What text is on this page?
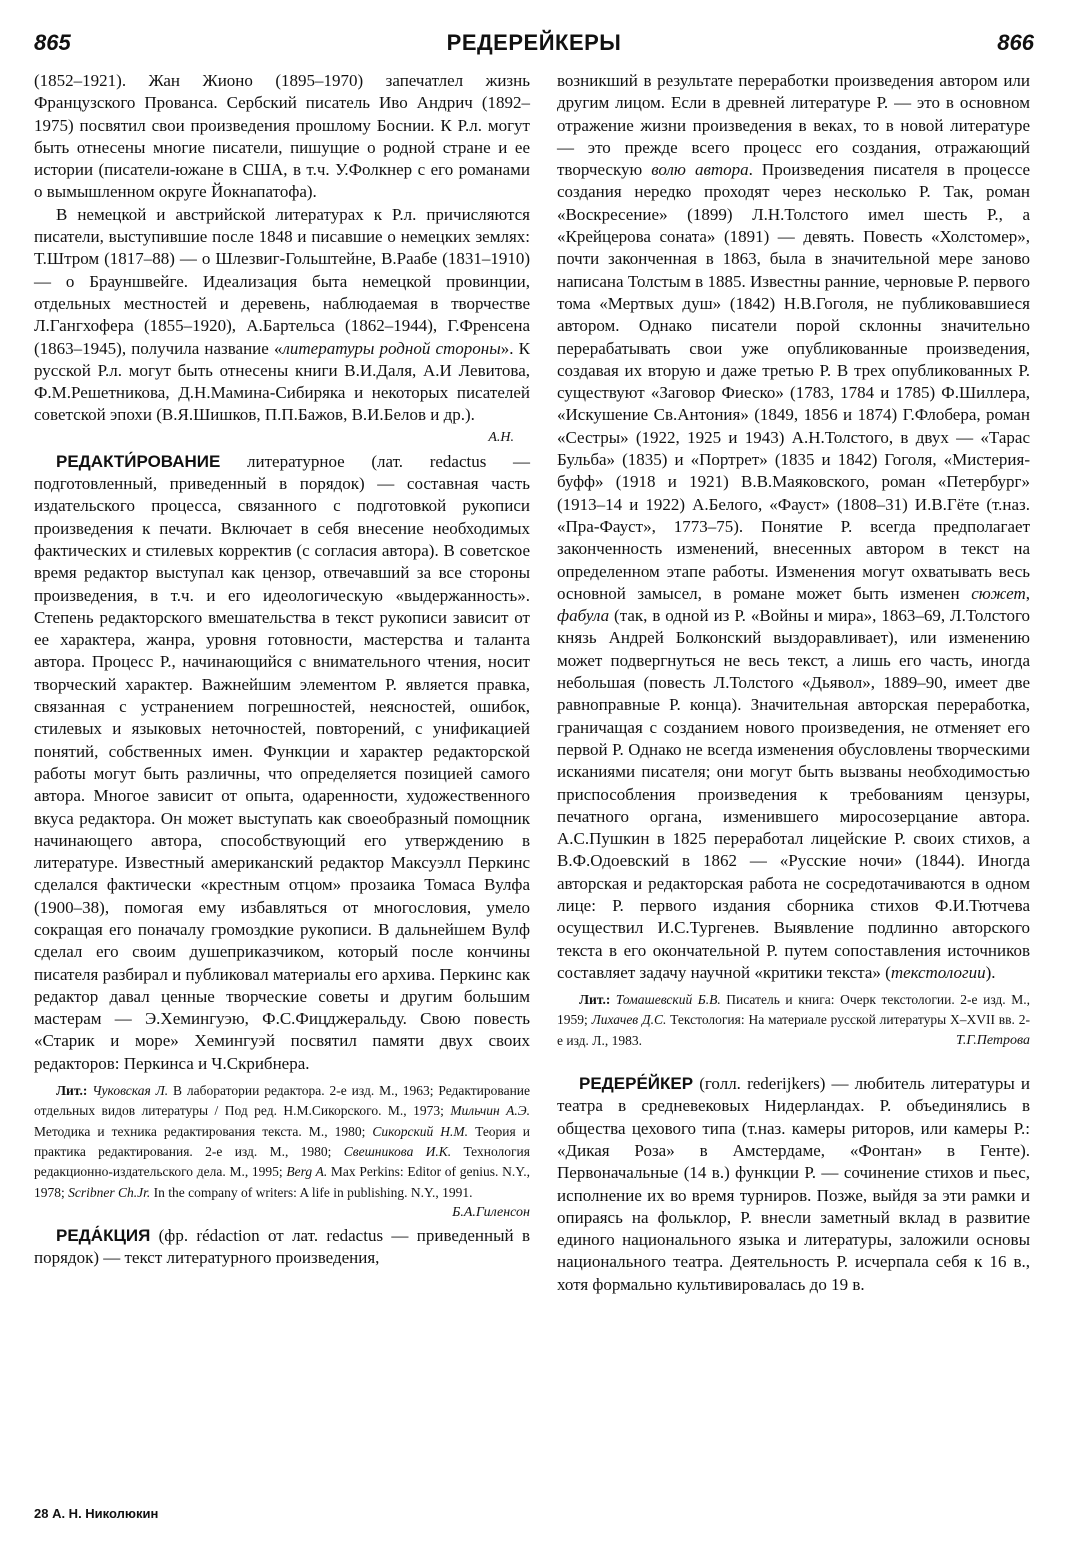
865	РЕДЕРЕЙКЕРЫ	866

(1852–1921). Жан Жионо (1895–1970) запечатлел жизнь Французского Прованса. Сербский писатель Иво Андрич (1892–1975) посвятил свои произведения прошлому Боснии. К Р.л. могут быть отнесены многие писатели, пишущие о родной стране и ее истории (писатели-южане в США, в т.ч. У.Фолкнер с его романами о вымышленном округе Йокнапатофа).

В немецкой и австрийской литературах к Р.л. причисляются писатели, выступившие после 1848 и писавшие о немецких землях: Т.Штром (1817–88) — о Шлезвиг-Гольштейне, В.Раабе (1831–1910) — о Брауншвейге. Идеализация быта немецкой провинции, отдельных местностей и деревень, наблюдаемая в творчестве Л.Гангхофера (1855–1920), А.Бартельса (1862–1944), Г.Френсена (1863–1945), получила название «литературы родной стороны». К русской Р.л. могут быть отнесены книги В.И.Даля, А.И Левитова, Ф.М.Решетникова, Д.Н.Мамина-Сибиряка и некоторых писателей советской эпохи (В.Я.Шишков, П.П.Бажов, В.И.Белов и др.).
А.Н.

РЕДАКТИ́РОВАНИЕ литературное (лат. redactus — подготовленный, приведенный в порядок) — составная часть издательского процесса, связанного с подготовкой рукописи произведения к печати. Включает в себя внесение необходимых фактических и стилевых корректив (с согласия автора). В советское время редактор выступал как цензор, отвечавший за все стороны произведения, в т.ч. и его идеологическую «выдержанность». Степень редакторского вмешательства в текст рукописи зависит от ее характера, жанра, уровня готовности, мастерства и таланта автора. Процесс Р., начинающийся с внимательного чтения, носит творческий характер. Важнейшим элементом Р. является правка, связанная с устранением погрешностей, неясностей, ошибок, стилевых и языковых неточностей, повторений, с унификацией понятий, собственных имен. Функции и характер редакторской работы могут быть различны, что определяется позицией самого автора. Многое зависит от опыта, одаренности, художественного вкуса редактора. Он может выступать как своеобразный помощник начинающего автора, способствующий его утверждению в литературе. Известный американский редактор Максуэлл Перкинс сделался фактически «крестным отцом» прозаика Томаса Вулфа (1900–38), помогая ему избавляться от многословия, умело сокращая его поначалу громоздкие рукописи. В дальнейшем Вулф сделал его своим душеприказчиком, который после кончины писателя разбирал и публиковал материалы его архива. Перкинс как редактор давал ценные творческие советы и другим большим мастерам — Э.Хемингуэю, Ф.С.Фицджеральду. Свою повесть «Старик и море» Хемингуэй посвятил памяти двух своих редакторов: Перкинса и Ч.Скрибнера.

Лит.: Чуковская Л. В лаборатории редактора. 2-е изд. М., 1963; Редактирование отдельных видов литературы / Под ред. Н.М.Сикорского. М., 1973; Мильчин А.Э. Методика и техника редактирования текста. М., 1980; Сикорский Н.М. Теория и практика редактирования. 2-е изд. М., 1980; Свешникова И.К. Технология редакционно-издательского дела. М., 1995; Berg A. Max Perkins: Editor of genius. N.Y., 1978; Scribner Ch.Jr. In the company of writers: A life in publishing. N.Y., 1991.
Б.А.Гиленсон

РЕДА́КЦИЯ (фр. rédaction от лат. redactus — приведенный в порядок) — текст литературного произведения,

возникший в результате переработки произведения автором или другим лицом. Если в древней литературе Р. — это в основном отражение жизни произведения в веках, то в новой литературе — это прежде всего процесс его создания, отражающий творческую волю автора. Произведения писателя в процессе создания нередко проходят через несколько Р. Так, роман «Воскресение» (1899) Л.Н.Толстого имел шесть Р., а «Крейцерова соната» (1891) — девять. Повесть «Холстомер», почти законченная в 1863, была в значительной мере заново написана Толстым в 1885. Известны ранние, черновые Р. первого тома «Мертвых душ» (1842) Н.В.Гоголя, не публиковавшиеся автором. Однако писатели порой склонны значительно перерабатывать свои уже опубликованные произведения, создавая их вторую и даже третью Р. В трех опубликованных Р. существуют «Заговор Фиеско» (1783, 1784 и 1785) Ф.Шиллера, «Искушение Св.Антония» (1849, 1856 и 1874) Г.Флобера, роман «Сестры» (1922, 1925 и 1943) А.Н.Толстого, в двух — «Тарас Бульба» (1835) и «Портрет» (1835 и 1842) Гоголя, «Мистерия-буфф» (1918 и 1921) В.В.Маяковского, роман «Петербург» (1913–14 и 1922) А.Белого, «Фауст» (1808–31) И.В.Гёте (т.наз. «Пра-Фауст», 1773–75). Понятие Р. всегда предполагает законченность изменений, внесенных автором в текст на определенном этапе работы. Изменения могут охватывать весь основной замысел, в романе может быть изменен сюжет, фабула (так, в одной из Р. «Войны и мира», 1863–69, Л.Толстого князь Андрей Болконский выздоравливает), или изменению может подвергнуться не весь текст, а лишь его часть, иногда небольшая (повесть Л.Толстого «Дьявол», 1889–90, имеет две равноправные Р. конца). Значительная авторская переработка, граничащая с созданием нового произведения, не отменяет его первой Р. Однако не всегда изменения обусловлены творческими исканиями писателя; они могут быть вызваны необходимостью приспособления произведения к требованиям цензуры, печатного органа, изменившего миросозерцание автора. А.С.Пушкин в 1825 переработал лицейские Р. своих стихов, а В.Ф.Одоевский в 1862 — «Русские ночи» (1844). Иногда авторская и редакторская работа не сосредотачиваются в одном лице: Р. первого издания сборника стихов Ф.И.Тютчева осуществил И.С.Тургенев. Выявление подлинно авторского текста в его окончательной Р. путем сопоставления источников составляет задачу научной «критики текста» (текстологии).

Лит.: Томашевский Б.В. Писатель и книга: Очерк текстологии. 2-е изд. М., 1959; Лихачев Д.С. Текстология: На материале русской литературы X–XVII вв. 2-е изд. Л., 1983.	Т.Г.Петрова

РЕДЕРЕ́ЙКЕР (голл. rederijkers) — любитель литературы и театра в средневековых Нидерландах. Р. объединялись в общества цехового типа (т.наз. камеры риторов, или камеры Р.: «Дикая Роза» в Амстердаме, «Фонтан» в Генте). Первоначальные (14 в.) функции Р. — сочинение стихов и пьес, исполнение их во время турниров. Позже, выйдя за эти рамки и опираясь на фольклор, Р. внесли заметный вклад в развитие единого национального языка и литературы, заложили основы национального театра. Деятельность Р. исчерпала себя к 16 в., хотя формально культивировалась до 19 в.

28 А. Н. Николюкин
